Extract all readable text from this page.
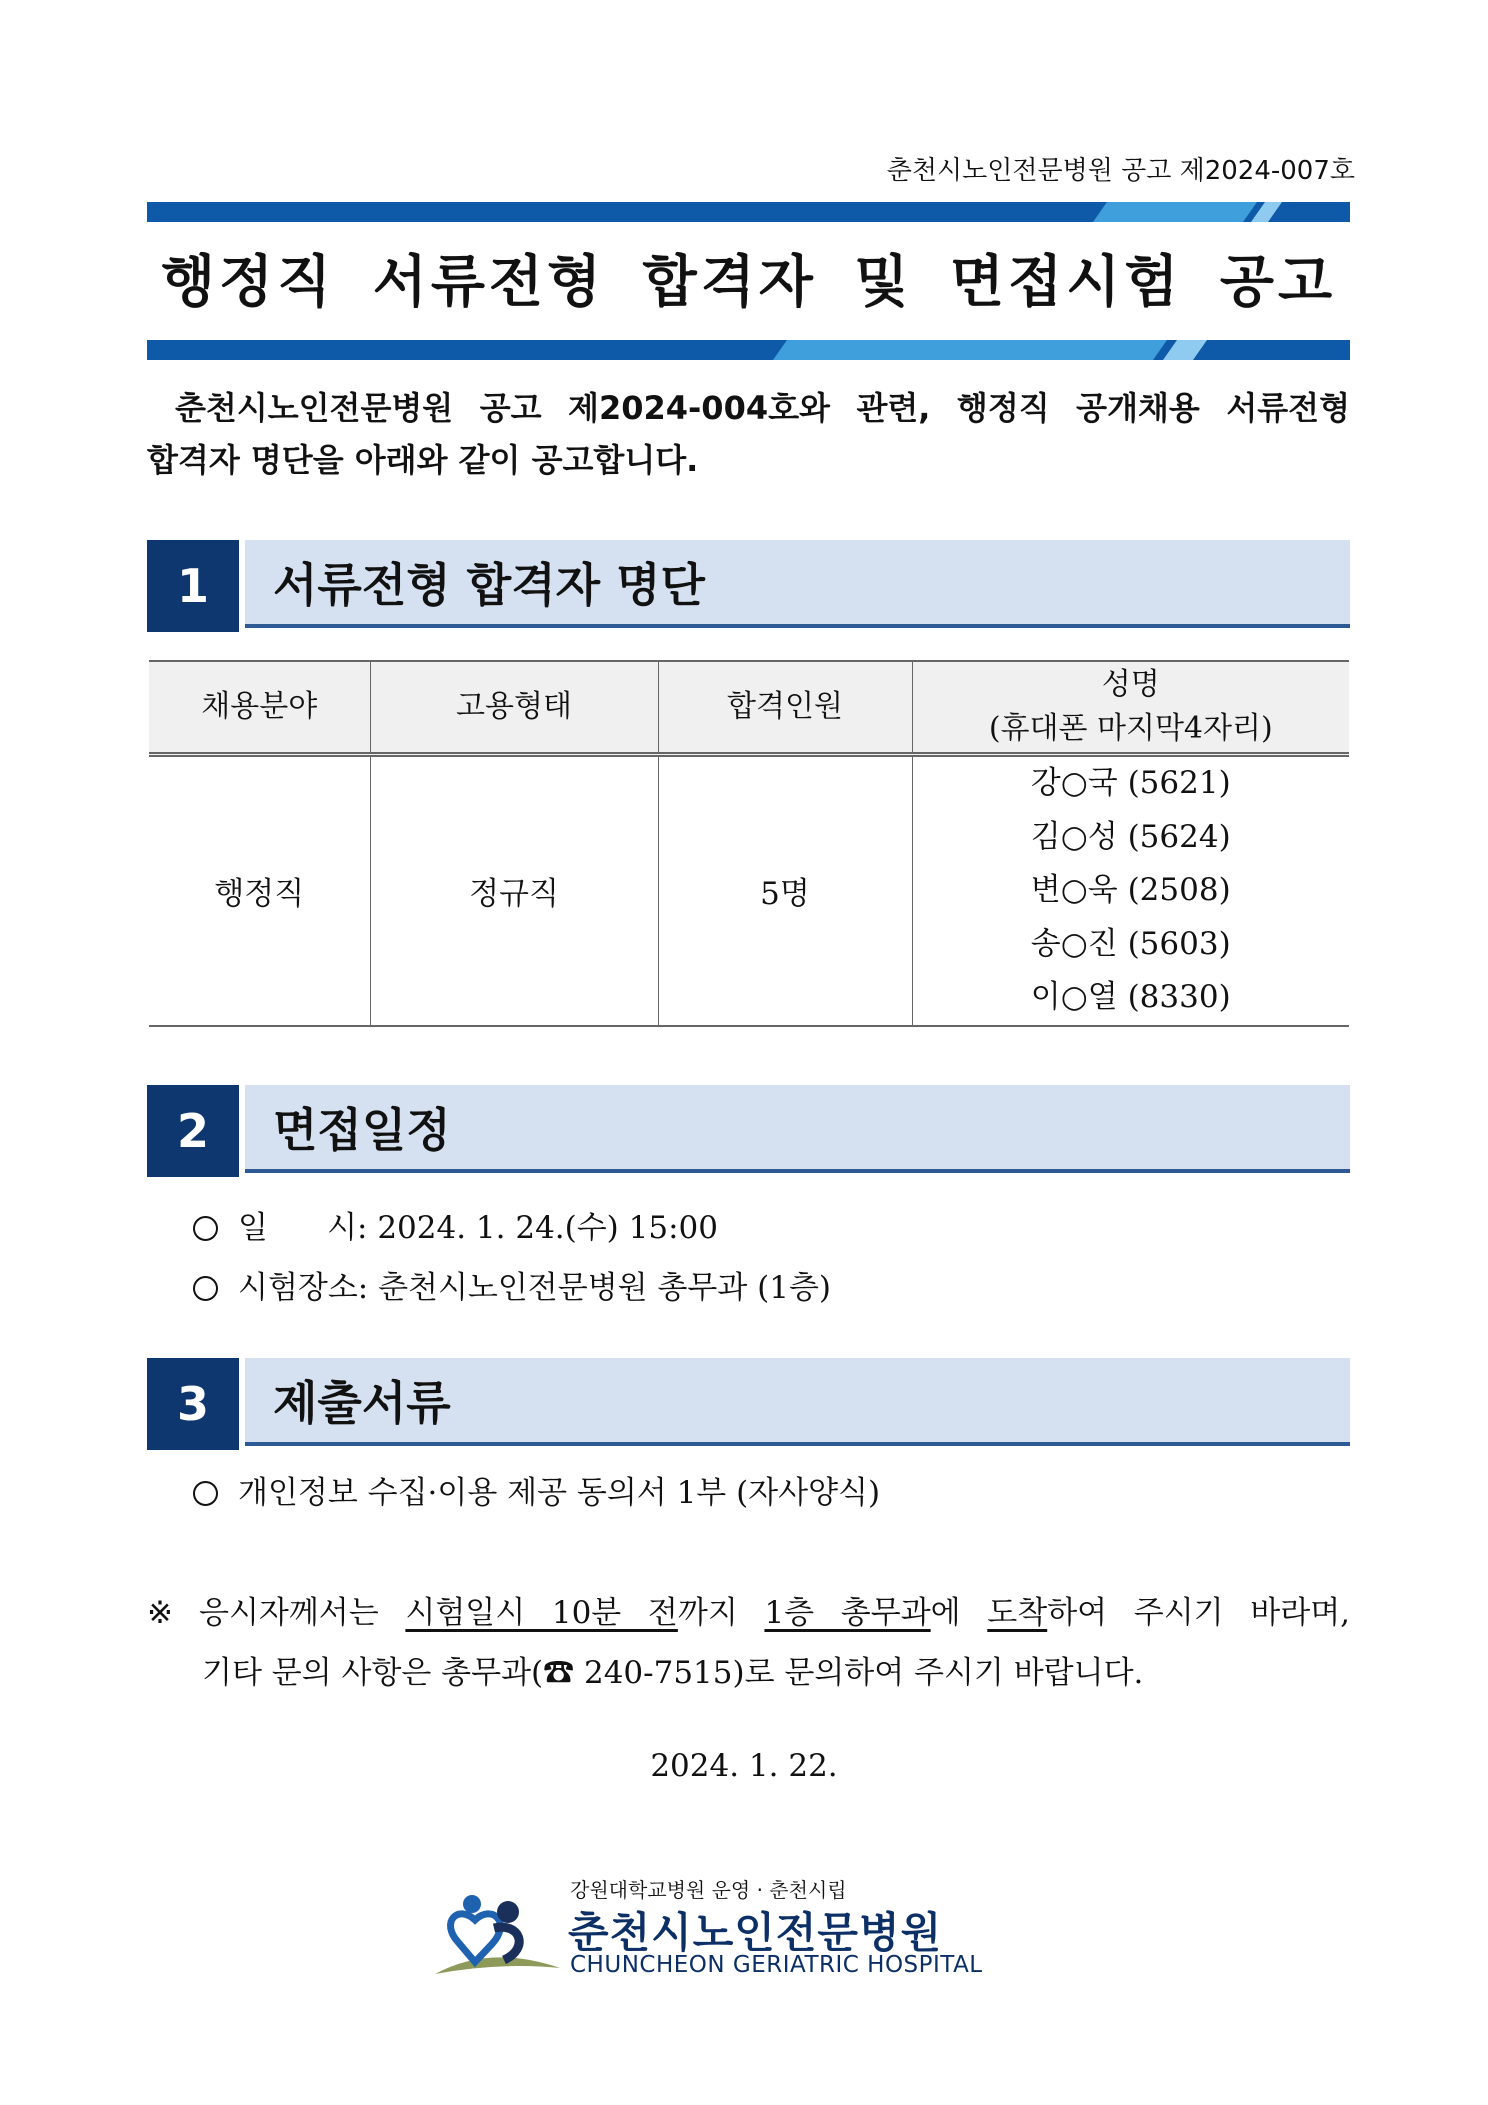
춘천시노인전문병원 공고 제2024-007호
행정직 서류전형 합격자 및 면접시험 공고

춘천시노인전문병원 공고 제2024-004호와 관련, 행정직 공개채용 서류전형

합격자 명단을 아래와 같이 공고합니다.

1	서류전형 합격자 명단
채용분야	고용형태	합격인원	성명
(휴대폰 마지막4자리)

행정직	정규직	5명	강○국 (5621)
김○성 (5624)
변○욱 (2508)
송○진 (5603)
이○열 (8330)
2	면접일정
일      시: 2024. 1. 24.(수) 15:00
시험장소: 춘천시노인전문병원 총무과 (1층)
3	제출서류
개인정보 수집·이용 제공 동의서 1부 (자사양식)
※ 응시자께서는 시험일시 10분 전까지 1층 총무과에 도착하여 주시기 바라며,
기타 문의 사항은 총무과(☎ 240-7515)로 문의하여 주시기 바랍니다.
2024. 1. 22.
강원대학교병원 운영 · 춘천시립
춘천시노인전문병원
CHUNCHEON GERIATRIC HOSPITAL
